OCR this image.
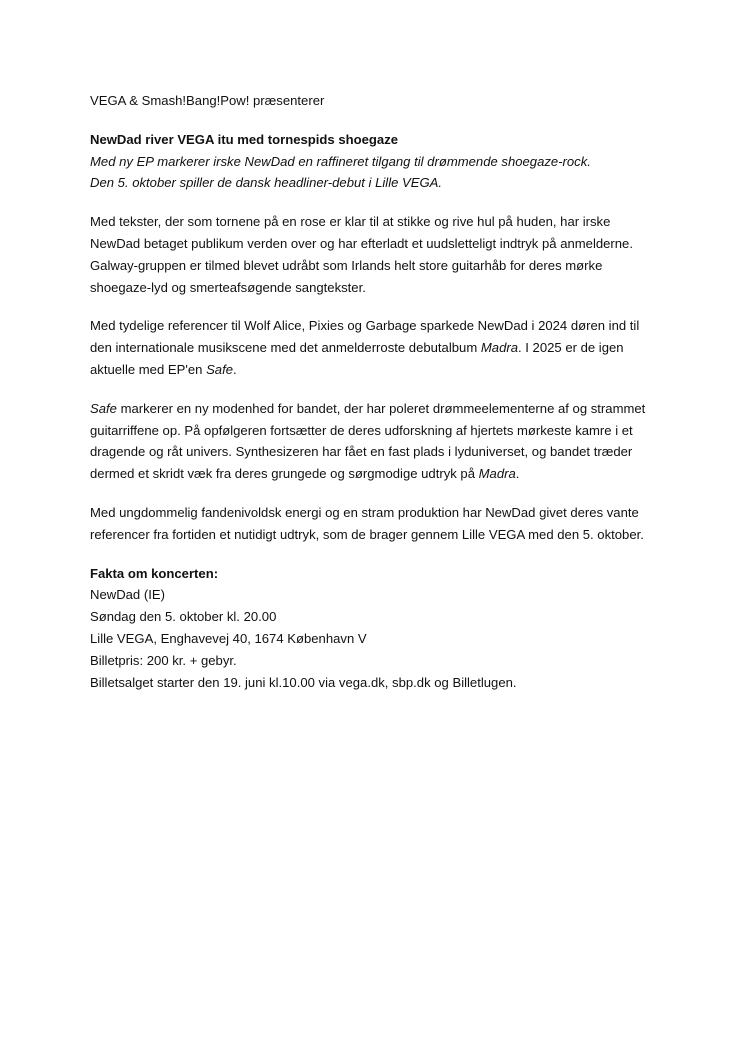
VEGA & Smash!Bang!Pow! præsenterer

NewDad river VEGA itu med tornespids shoegaze

Med ny EP markerer irske NewDad en raffineret tilgang til drømmende shoegaze-rock.
Den 5. oktober spiller de dansk headliner-debut i Lille VEGA.

Med tekster, der som tornene på en rose er klar til at stikke og rive hul på huden, har irske NewDad betaget publikum verden over og har efterladt et uudsletteligt indtryk på anmelderne. Galway-gruppen er tilmed blevet udråbt som Irlands helt store guitarhåb for deres mørke shoegaze-lyd og smerteafsøgende sangtekster.

Med tydelige referencer til Wolf Alice, Pixies og Garbage sparkede NewDad i 2024 døren ind til den internationale musikscene med det anmelderroste debutalbum Madra. I 2025 er de igen aktuelle med EP'en Safe.

Safe markerer en ny modenhed for bandet, der har poleret drømmeelementerne af og strammet guitarriffene op. På opfølgeren fortsætter de deres udforskning af hjertets mørkeste kamre i et dragende og råt univers. Synthesizeren har fået en fast plads i lyduniverset, og bandet træder dermed et skridt væk fra deres grungede og sørgmodige udtryk på Madra.

Med ungdommelig fandenivoldsk energi og en stram produktion har NewDad givet deres vante referencer fra fortiden et nutidigt udtryk, som de brager gennem Lille VEGA med den 5. oktober.

Fakta om koncerten:

NewDad (IE)

Søndag den 5. oktober kl. 20.00

Lille VEGA, Enghavevej 40, 1674 København V

Billetpris: 200 kr. + gebyr.

Billetsalget starter den 19. juni kl.10.00 via vega.dk, sbp.dk og Billetlugen.
